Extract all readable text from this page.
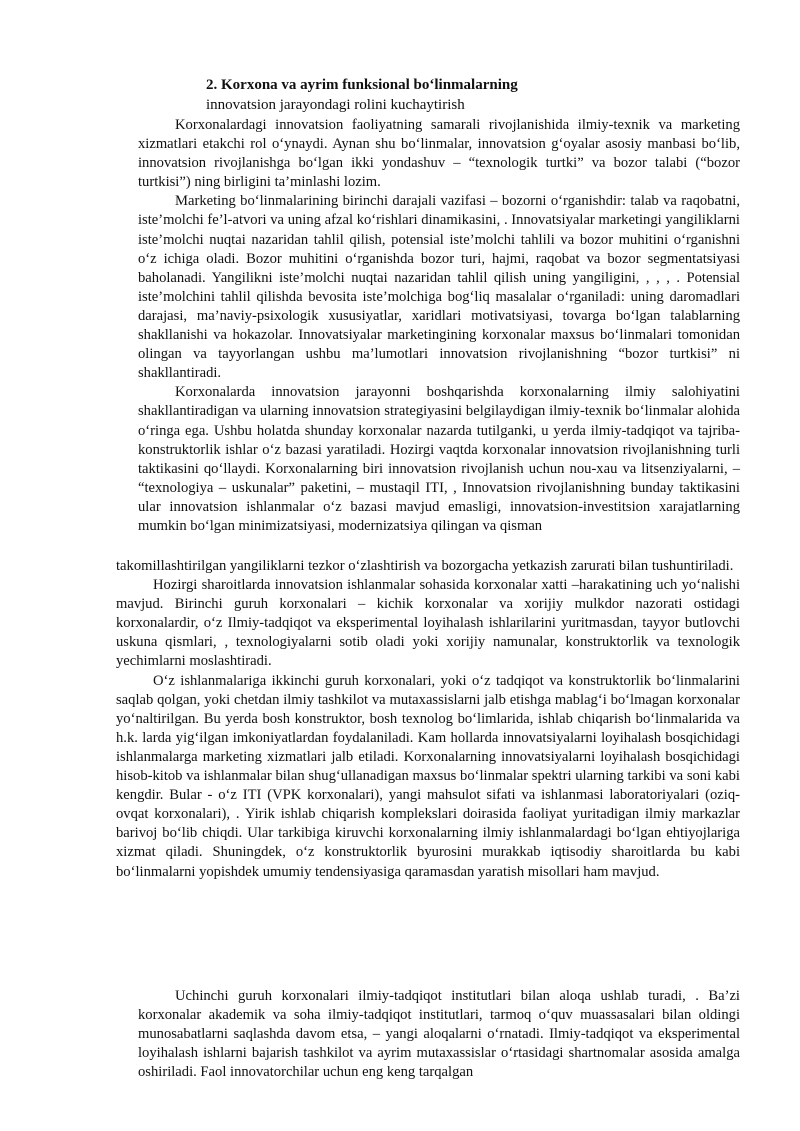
2. Korxona va ayrim funksional bo‘linmalarning
innovatsion jarayondagi rolini kuchaytirish

Korxonalardagi innovatsion faoliyatning samarali rivojlanishida ilmiy-texnik va marketing xizmatlari etakchi rol o‘ynaydi. Aynan shu bo‘linmalar, innovatsion g‘oyalar asosiy manbasi bo‘lib, innovatsion rivojlanishga bo‘lgan ikki yondashuv – “texnologik turtki” va bozor talabi (“bozor turtkisi”) ning birligini ta’minlashi lozim.

Marketing bo‘linmalarining birinchi darajali vazifasi – bozorni o‘rganishdir: talab va raqobatni, iste’molchi fe’l-atvori va uning afzal ko‘rishlari dinamikasini, . Innovatsiyalar marketingi yangiliklarni iste’molchi nuqtai nazaridan tahlil qilish, potensial iste’molchi tahlili va bozor muhitini o‘rganishni o‘z ichiga oladi. Bozor muhitini o‘rganishda bozor turi, hajmi, raqobat va bozor segmentatsiyasi baholanadi. Yangilikni iste’molchi nuqtai nazaridan tahlil qilish uning yangiligini, , , , . Potensial iste’molchini tahlil qilishda bevosita iste’molchiga bog‘liq masalalar o‘rganiladi: uning daromadlari darajasi, ma’naviy-psixologik xususiyatlar, xaridlari motivatsiyasi, tovarga bo‘lgan talablarning shakllanishi va hokazolar. Innovatsiyalar marketingining korxonalar maxsus bo‘linmalari tomonidan olingan va tayyorlangan ushbu ma’lumotlari innovatsion rivojlanishning “bozor turtkisi” ni shakllantiradi.

Korxonalarda innovatsion jarayonni boshqarishda korxonalarning ilmiy salohiyatini shakllantiradigan va ularning innovatsion strategiyasini belgilaydigan ilmiy-texnik bo‘linmalar alohida o‘ringa ega. Ushbu holatda shunday korxonalar nazarda tutilganki, u yerda ilmiy-tadqiqot va tajriba-konstruktorlik ishlar o‘z bazasi yaratiladi. Hozirgi vaqtda korxonalar innovatsion rivojlanishning turli taktikasini qo‘llaydi. Korxonalarning biri innovatsion rivojlanish uchun nou-xau va litsenziyalarni, – “texnologiya – uskunalar” paketini, – mustaqil ITI, , Innovatsion rivojlanishning bunday taktikasini ular innovatsion ishlanmalar o‘z bazasi mavjud emasligi, innovatsion-investitsion xarajatlarning mumkin bo‘lgan minimizatsiyasi, modernizatsiya qilingan va qisman

takomillashtirilgan yangiliklarni tezkor o‘zlashtirish va bozorgacha yetkazish zarurati bilan tushuntiriladi.

Hozirgi sharoitlarda innovatsion ishlanmalar sohasida korxonalar xatti –harakatining uch yo‘nalishi mavjud. Birinchi guruh korxonalari – kichik korxonalar va xorijiy mulkdor nazorati ostidagi korxonalardir, o‘z Ilmiy-tadqiqot va eksperimental loyihalash ishlarilarini yuritmasdan, tayyor butlovchi uskuna qismlari, , texnologiyalarni sotib oladi yoki xorijiy namunalar, konstruktorlik va texnologik yechimlarni moslashtiradi.

O‘z ishlanmalariga ikkinchi guruh korxonalari, yoki o‘z tadqiqot va konstruktorlik bo‘linmalarini saqlab qolgan, yoki chetdan ilmiy tashkilot va mutaxassislarni jalb etishga mablag‘i bo‘lmagan korxonalar yo‘naltirilgan. Bu yerda bosh konstruktor, bosh texnolog bo‘limlarida, ishlab chiqarish bo‘linmalarida va h.k. larda yig‘ilgan imkoniyatlardan foydalaniladi. Kam hollarda innovatsiyalarni loyihalash bosqichidagi ishlanmalarga marketing xizmatlari jalb etiladi. Korxonalarning innovatsiyalarni loyihalash bosqichidagi hisob-kitob va ishlanmalar bilan shug‘ullanadigan maxsus bo‘linmalar spektri ularning tarkibi va soni kabi kengdir. Bular - o‘z ITI (VPK korxonalari), yangi mahsulot sifati va ishlanmasi laboratoriyalari (oziq-ovqat korxonalari), . Yirik ishlab chiqarish komplekslari doirasida faoliyat yuritadigan ilmiy markazlar barivoj bo‘lib chiqdi. Ular tarkibiga kiruvchi korxonalarning ilmiy ishlanmalardagi bo‘lgan ehtiyojlariga xizmat qiladi. Shuningdek, o‘z konstruktorlik byurosini murakkab iqtisodiy sharoitlarda bu kabi bo‘linmalarni yopishdek umumiy tendensiyasiga qaramasdan yaratish misollari ham mavjud.

Uchinchi guruh korxonalari ilmiy-tadqiqot institutlari bilan aloqa ushlab turadi, . Ba’zi korxonalar akademik va soha ilmiy-tadqiqot institutlari, tarmoq o‘quv muassasalari bilan oldingi munosabatlarni saqlashda davom etsa, – yangi aloqalarni o‘rnatadi. Ilmiy-tadqiqot va eksperimental loyihalash ishlarni bajarish tashkilot va ayrim mutaxassislar o‘rtasidagi shartnomalar asosida amalga oshiriladi. Faol innovatorchilar uchun eng keng tarqalgan
